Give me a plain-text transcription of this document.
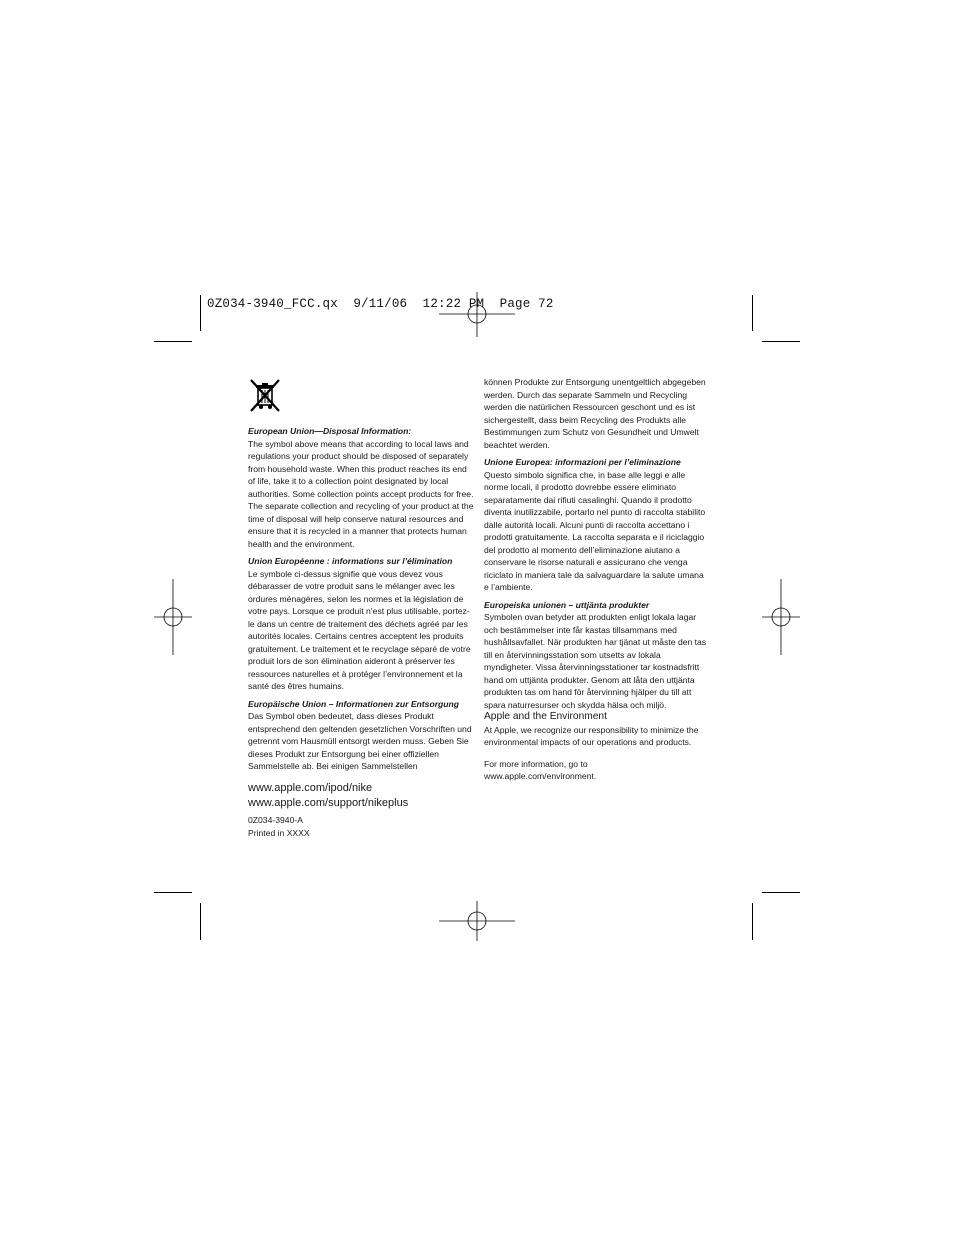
0Z034-3940_FCC.qx  9/11/06  12:22 PM  Page 72

European Union—Disposal Information:

The symbol above means that according to local laws and regulations your product should be disposed of separately from household waste. When this product reaches its end of life, take it to a collection point designated by local authorities. Some collection points accept products for free. The separate collection and recycling of your product at the time of disposal will help conserve natural resources and ensure that it is recycled in a manner that protects human health and the environment.

Union Européenne : informations sur l’élimination

Le symbole ci-dessus signifie que vous devez vous débarasser de votre produit sans le mélanger avec les ordures ménagères, selon les normes et la législation de votre pays. Lorsque ce produit n’est plus utilisable, portez-le dans un centre de traitement des déchets agréé par les autorités locales. Certains centres acceptent les produits gratuitement. Le traitement et le recyclage séparé de votre produit lors de son élimination aideront à préserver les ressources naturelles et à protéger l’environnement et la santé des êtres humains.

Europäische Union – Informationen zur Entsorgung

Das Symbol oben bedeutet, dass dieses Produkt entsprechend den geltenden gesetzlichen Vorschriften und getrennt vom Hausmüll entsorgt werden muss. Geben Sie dieses Produkt zur Entsorgung bei einer offiziellen Sammelstelle ab. Bei einigen Sammelstellen

www.apple.com/ipod/nike
www.apple.com/support/nikeplus
0Z034-3940-A
Printed in XXXX

können Produkte zur Entsorgung unentgeltlich abgegeben werden. Durch das separate Sammeln und Recycling werden die natürlichen Ressourcen geschont und es ist sichergestellt, dass beim Recycling des Produkts alle Bestimmungen zum Schutz von Gesundheit und Umwelt beachtet werden.

Unione Europea: informazioni per l’eliminazione

Questo simbolo significa che, in base alle leggi e alle norme locali, il prodotto dovrebbe essere eliminato separatamente dai rifiuti casalinghi. Quando il prodotto diventa inutilizzabile, portarlo nel punto di raccolta stabilito dalle autorità locali. Alcuni punti di raccolta accettano i prodotti gratuitamente. La raccolta separata e il riciclaggio del prodotto al momento dell’eliminazione aiutano a conservare le risorse naturali e assicurano che venga riciclato in maniera tale da salvaguardare la salute umana e l’ambiente.

Europeiska unionen – uttjänta produkter

Symbolen ovan betyder att produkten enligt lokala lagar och bestämmelser inte får kastas tillsammans med hushållsavfallet. När produkten har tjänat ut måste den tas till en återvinningsstation som utsetts av lokala myndigheter. Vissa återvinningsstationer tar kostnadsfritt hand om uttjänta produkter. Genom att låta den uttjänta produkten tas om hand för återvinning hjälper du till att spara naturresurser och skydda hälsa och miljö.

Apple and the Environment

At Apple, we recognize our responsibility to minimize the environmental impacts of our operations and products.

For more information, go to

www.apple.com/environment.
